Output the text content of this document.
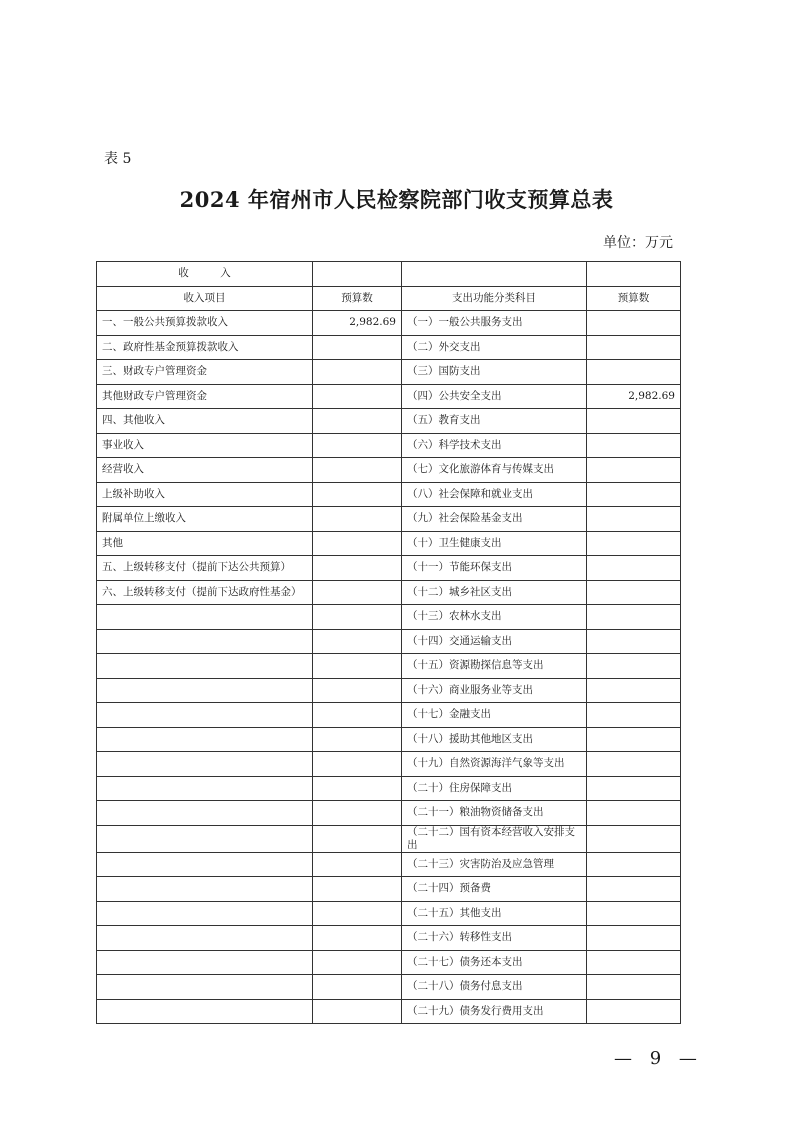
表 5
2024 年宿州市人民检察院部门收支预算总表
单位：万元
收　　　入			
收入项目	预算数	支出功能分类科目	预算数
一、一般公共预算拨款收入	2,982.69	（一）一般公共服务支出	
二、政府性基金预算拨款收入		（二）外交支出	
三、财政专户管理资金		（三）国防支出	
其他财政专户管理资金		（四）公共安全支出	2,982.69
四、其他收入		（五）教育支出	
事业收入		（六）科学技术支出	
经营收入		（七）文化旅游体育与传媒支出	
上级补助收入		（八）社会保障和就业支出	
附属单位上缴收入		（九）社会保险基金支出	
其他		（十）卫生健康支出	
五、上级转移支付（提前下达公共预算）		（十一）节能环保支出	
六、上级转移支付（提前下达政府性基金）		（十二）城乡社区支出	
		（十三）农林水支出	
		（十四）交通运输支出	
		（十五）资源勘探信息等支出	
		（十六）商业服务业等支出	
		（十七）金融支出	
		（十八）援助其他地区支出	
		（十九）自然资源海洋气象等支出	
		（二十）住房保障支出	
		（二十一）粮油物资储备支出	
		（二十二）国有资本经营收入安排支出	
		（二十三）灾害防治及应急管理	
		（二十四）预备费	
		（二十五）其他支出	
		（二十六）转移性支出	
		（二十七）债务还本支出	
		（二十八）债务付息支出	
		（二十九）债务发行费用支出	
— 9 —
